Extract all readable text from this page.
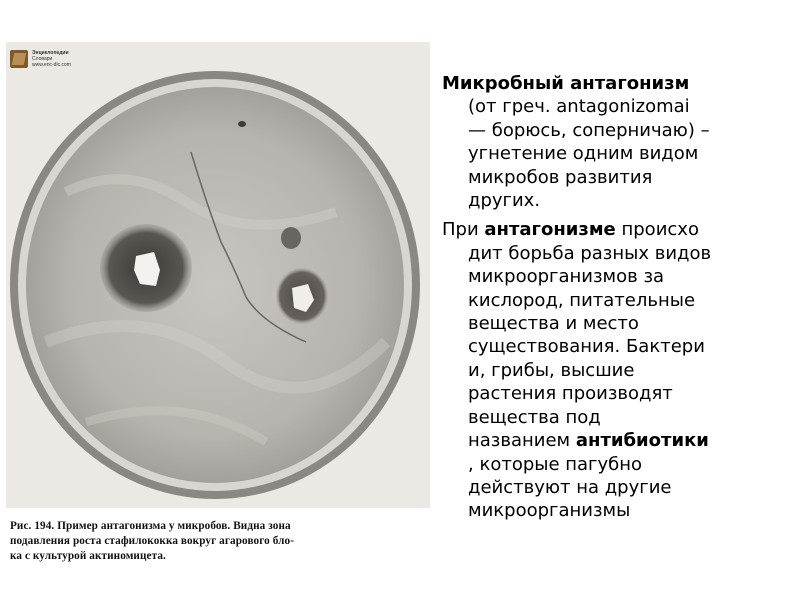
Энциклопедии
Словари
www.enc-dic.com
Рис. 194. Пример антагонизма у микробов. Видна зона
подавления роста стафилококка вокруг агарового бло-
ка с культурой актиномицета.

Микробный антагонизм
(от греч. antagonizomai
— борюсь, соперничаю) –
угнетение одним видом
микробов развития
других.

При антагонизме происхо
дит борьба разных видов
микроорганизмов за
кислород, питательные
вещества и место
существования. Бактери
и, грибы, высшие
растения производят
вещества под
названием антибиотики
, которые пагубно
действуют на другие
микроорганизмы
